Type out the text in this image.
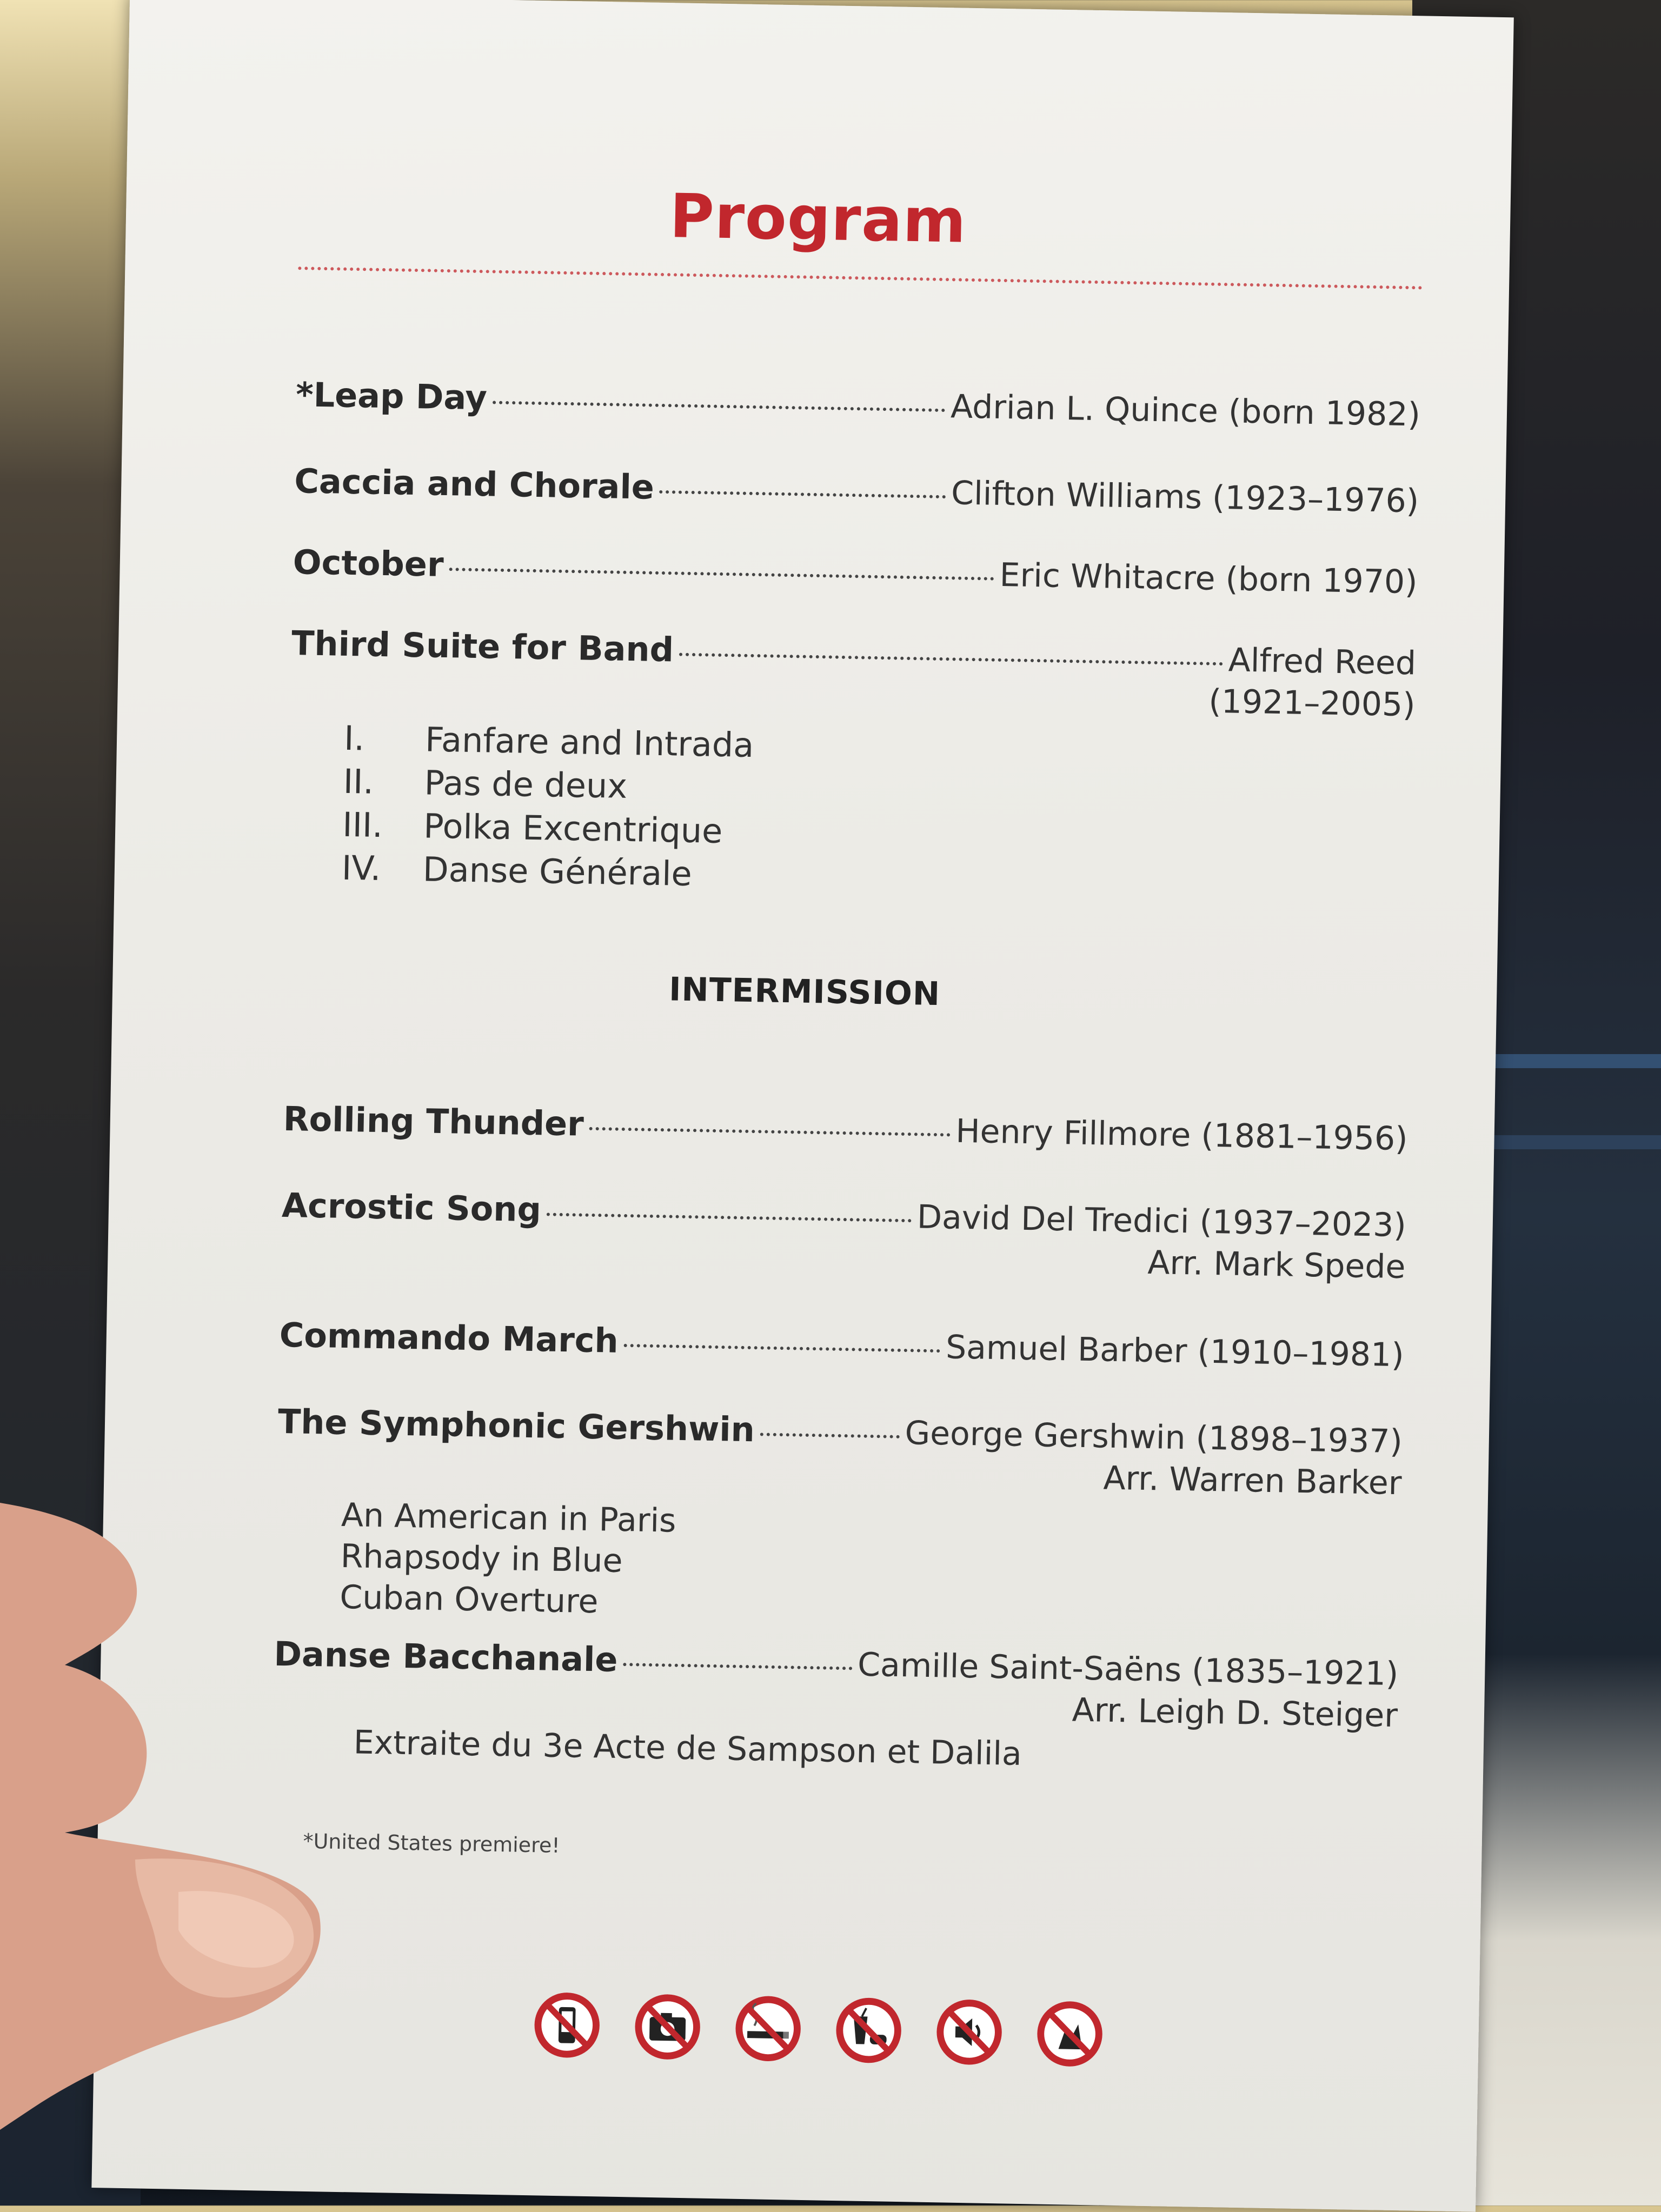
Program
*Leap Day	Adrian L. Quince (born 1982)
Caccia and Chorale	Clifton Williams (1923–1976)
October	Eric Whitacre (born 1970)
Third Suite for Band	Alfred Reed
(1921–2005)
I.	Fanfare and Intrada
II.	Pas de deux
III.	Polka Excentrique
IV.	Danse Générale
INTERMISSION
Rolling Thunder	Henry Fillmore (1881–1956)
Acrostic Song	David Del Tredici (1937–2023)
Arr. Mark Spede
Commando March	Samuel Barber (1910–1981)
The Symphonic Gershwin	George Gershwin (1898–1937)
Arr. Warren Barker
An American in Paris
Rhapsody in Blue
Cuban Overture
Danse Bacchanale	Camille Saint-Saëns (1835–1921)
Arr. Leigh D. Steiger
Extraite du 3e Acte de Sampson et Dalila
*United States premiere!
